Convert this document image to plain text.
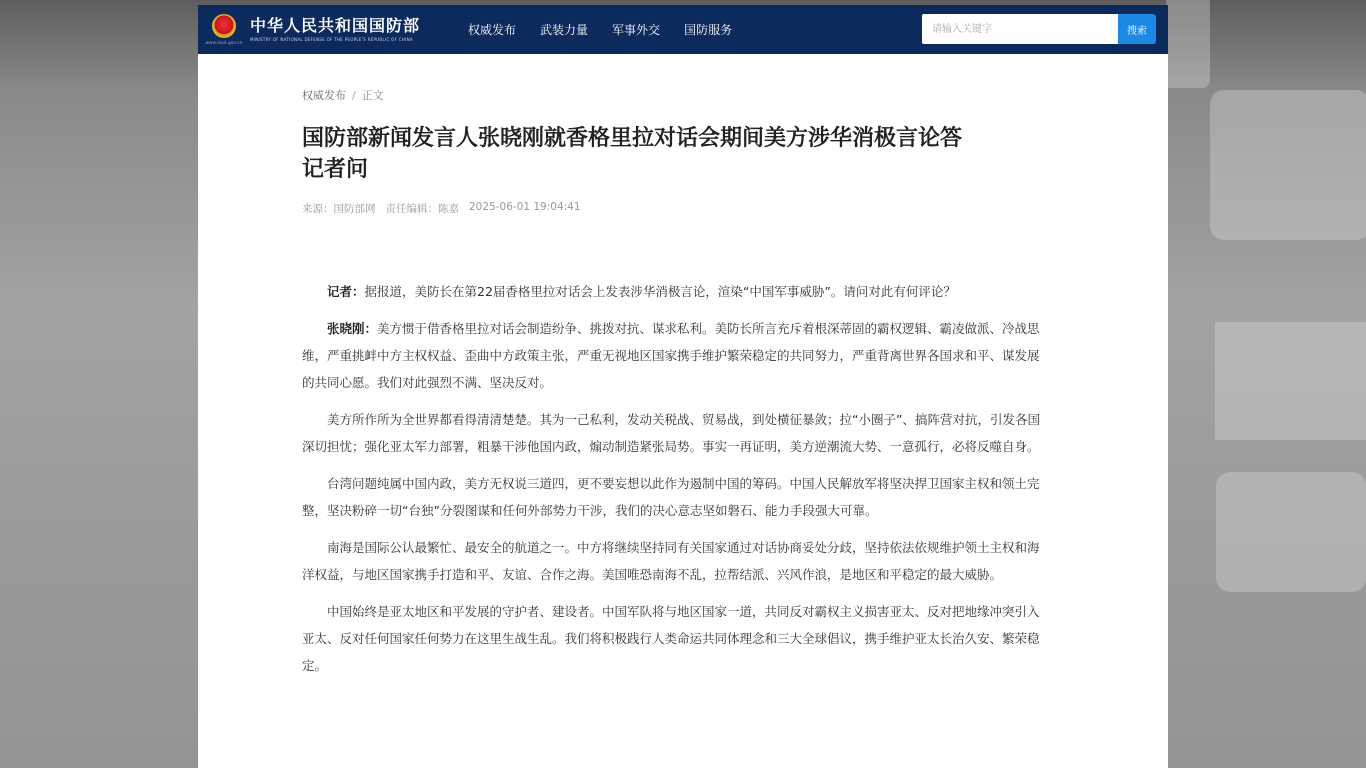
www.mod.gov.cn
中华人民共和国国防部
MINISTRY OF NATIONAL DEFENSE OF THE PEOPLE'S REPUBLIC OF CHINA
权威发布	武装力量	军事外交	国防服务
请输入关键字	搜索
权威发布 / 正文
国防部新闻发言人张晓刚就香格里拉对话会期间美方涉华消极言论答记者问
来源：国防部网 责任编辑：陈嘉 2025-06-01 19:04:41

记者：据报道，美防长在第22届香格里拉对话会上发表涉华消极言论，渲染“中国军事威胁”。请问对此有何评论？

张晓刚：美方惯于借香格里拉对话会制造纷争、挑拨对抗、谋求私利。美防长所言充斥着根深蒂固的霸权逻辑、霸凌做派、冷战思维，严重挑衅中方主权权益、歪曲中方政策主张，严重无视地区国家携手维护繁荣稳定的共同努力，严重背离世界各国求和平、谋发展的共同心愿。我们对此强烈不满、坚决反对。

美方所作所为全世界都看得清清楚楚。其为一己私利，发动关税战、贸易战，到处横征暴敛；拉“小圈子”、搞阵营对抗，引发各国深切担忧；强化亚太军力部署，粗暴干涉他国内政，煽动制造紧张局势。事实一再证明，美方逆潮流大势、一意孤行，必将反噬自身。

台湾问题纯属中国内政，美方无权说三道四，更不要妄想以此作为遏制中国的筹码。中国人民解放军将坚决捍卫国家主权和领土完整，坚决粉碎一切“台独”分裂图谋和任何外部势力干涉，我们的决心意志坚如磐石、能力手段强大可靠。

南海是国际公认最繁忙、最安全的航道之一。中方将继续坚持同有关国家通过对话协商妥处分歧，坚持依法依规维护领土主权和海洋权益，与地区国家携手打造和平、友谊、合作之海。美国唯恐南海不乱，拉帮结派、兴风作浪，是地区和平稳定的最大威胁。

中国始终是亚太地区和平发展的守护者、建设者。中国军队将与地区国家一道，共同反对霸权主义损害亚太、反对把地缘冲突引入亚太、反对任何国家任何势力在这里生战生乱。我们将积极践行人类命运共同体理念和三大全球倡议，携手维护亚太长治久安、繁荣稳定。
